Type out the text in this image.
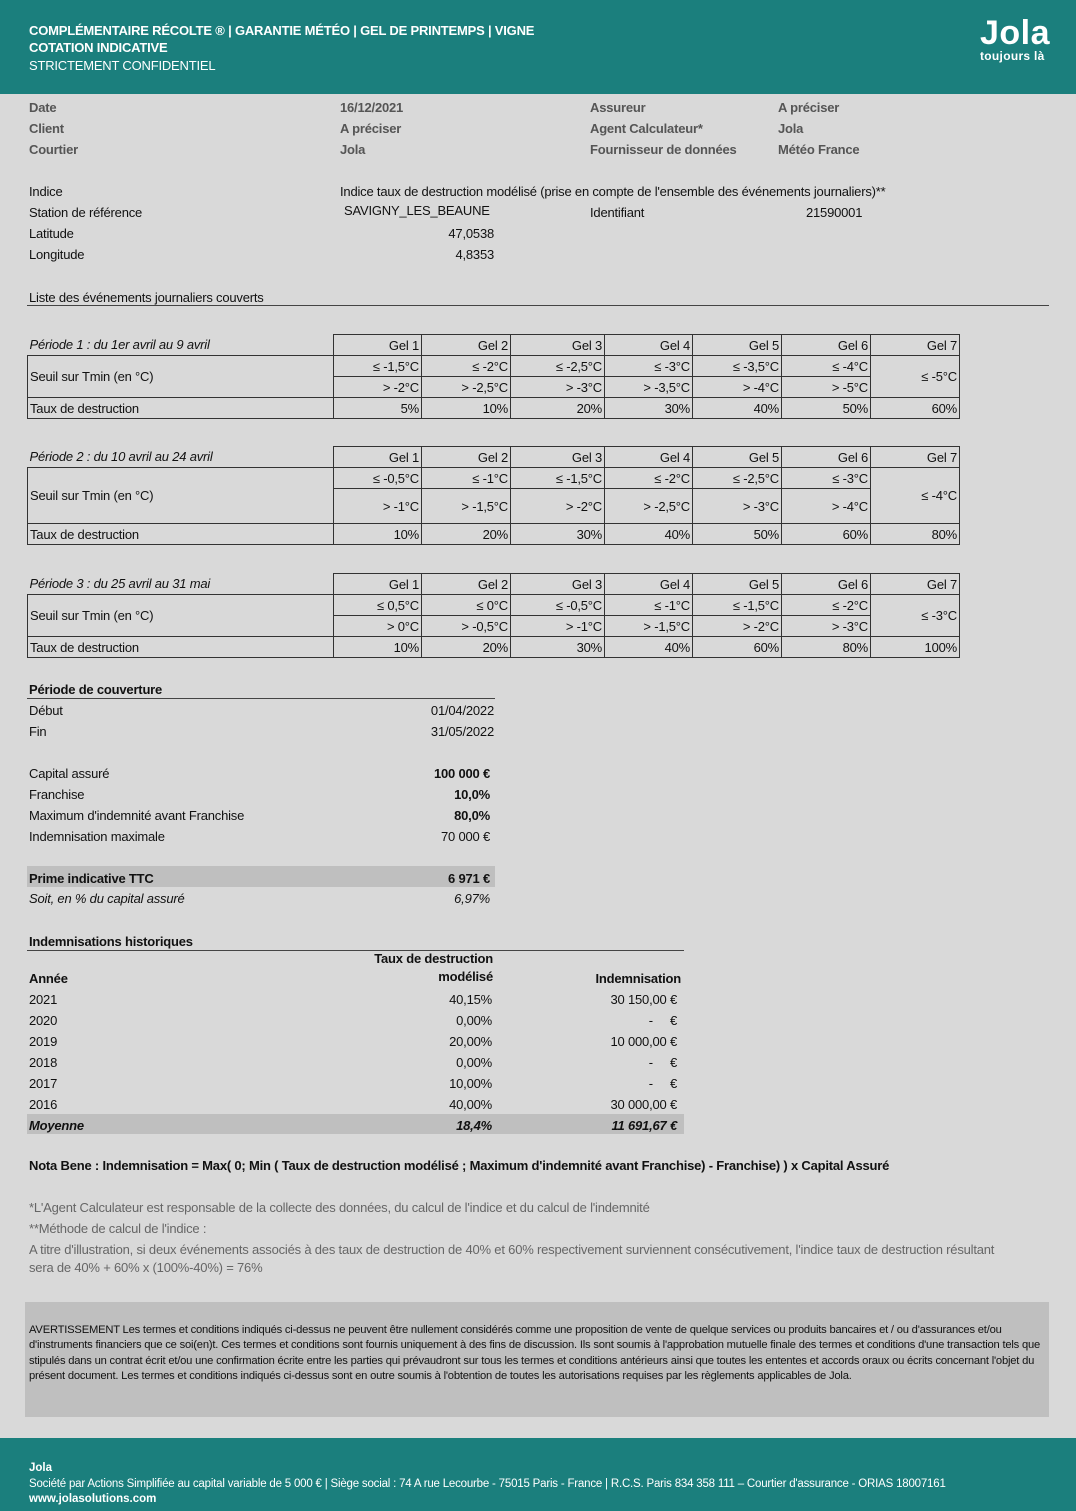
COMPLÉMENTAIRE RÉCOLTE ® | GARANTIE MÉTÉO | GEL DE PRINTEMPS | VIGNE
COTATION INDICATIVE
STRICTEMENT CONFIDENTIEL
Jola
toujours là
Date	16/12/2021	Assureur	A préciser
Client	A préciser	Agent Calculateur*	Jola
Courtier	Jola	Fournisseur de données	Météo France
Indice	Indice taux de destruction modélisé (prise en compte de l'ensemble des événements journaliers)**
Station de référence	SAVIGNY_LES_BEAUNE	Identifiant	21590001
Latitude	47,0538
Longitude	4,8353
Liste des événements journaliers couverts
Période 1 : du 1er avril au 9 avril	Gel 1	Gel 2	Gel 3	Gel 4	Gel 5	Gel 6	Gel 7
Seuil sur Tmin (en °C)	≤ -1,5°C	≤ -2°C	≤ -2,5°C	≤ -3°C	≤ -3,5°C	≤ -4°C	≤ -5°C
	> -2°C	> -2,5°C	> -3°C	> -3,5°C	> -4°C	> -5°C	
Taux de destruction	5%	10%	20%	30%	40%	50%	60%
Période 2 : du 10 avril au 24 avril	Gel 1	Gel 2	Gel 3	Gel 4	Gel 5	Gel 6	Gel 7
Seuil sur Tmin (en °C)	≤ -0,5°C	≤ -1°C	≤ -1,5°C	≤ -2°C	≤ -2,5°C	≤ -3°C	≤ -4°C
	> -1°C	> -1,5°C	> -2°C	> -2,5°C	> -3°C	> -4°C	
Taux de destruction	10%	20%	30%	40%	50%	60%	80%
Période 3 : du 25 avril au 31 mai	Gel 1	Gel 2	Gel 3	Gel 4	Gel 5	Gel 6	Gel 7
Seuil sur Tmin (en °C)	≤ 0,5°C	≤ 0°C	≤ -0,5°C	≤ -1°C	≤ -1,5°C	≤ -2°C	≤ -3°C
	> 0°C	> -0,5°C	> -1°C	> -1,5°C	> -2°C	> -3°C	
Taux de destruction	10%	20%	30%	40%	60%	80%	100%
Période de couverture
Début	01/04/2022
Fin	31/05/2022
Capital assuré	100 000 €
Franchise	10,0%
Maximum d'indemnité avant Franchise	80,0%
Indemnisation maximale	70 000 €
Prime indicative TTC	6 971 €
Soit, en % du capital assuré	6,97%
Indemnisations historiques
Taux de destruction
Année	modélisé	Indemnisation
2021	40,15%	30 150,00 €
2020	0,00%	-     €
2019	20,00%	10 000,00 €
2018	0,00%	-     €
2017	10,00%	-     €
2016	40,00%	30 000,00 €
Moyenne	18,4%	11 691,67 €
Nota Bene : Indemnisation = Max( 0; Min ( Taux de destruction modélisé ; Maximum d'indemnité avant Franchise) - Franchise) ) x Capital Assuré
*L'Agent Calculateur est responsable de la collecte des données, du calcul de l'indice et du calcul de l'indemnité
**Méthode de calcul de l'indice :
A titre d'illustration, si deux événements associés à des taux de destruction de 40% et 60% respectivement surviennent consécutivement, l'indice taux de destruction résultant
sera de 40% + 60% x (100%-40%) = 76%

AVERTISSEMENT Les termes et conditions indiqués ci-dessus ne peuvent être nullement considérés comme une proposition de vente de quelque services ou produits bancaires et / ou d'assurances et/ou d'instruments financiers que ce soi(en)t. Ces termes et conditions sont fournis uniquement à des fins de discussion. Ils sont soumis à l'approbation mutuelle finale des termes et conditions d'une transaction tels que stipulés dans un contrat écrit et/ou une confirmation écrite entre les parties qui prévaudront sur tous les termes et conditions antérieurs ainsi que toutes les ententes et accords oraux ou écrits concernant l'objet du présent document. Les termes et conditions indiqués ci-dessus sont en outre soumis à l'obtention de toutes les autorisations requises par les règlements applicables de Jola.

Jola
Société par Actions Simplifiée au capital variable de 5 000 € | Siège social : 74 A rue Lecourbe - 75015 Paris - France | R.C.S. Paris 834 358 111 – Courtier d'assurance - ORIAS 18007161
www.jolasolutions.com
